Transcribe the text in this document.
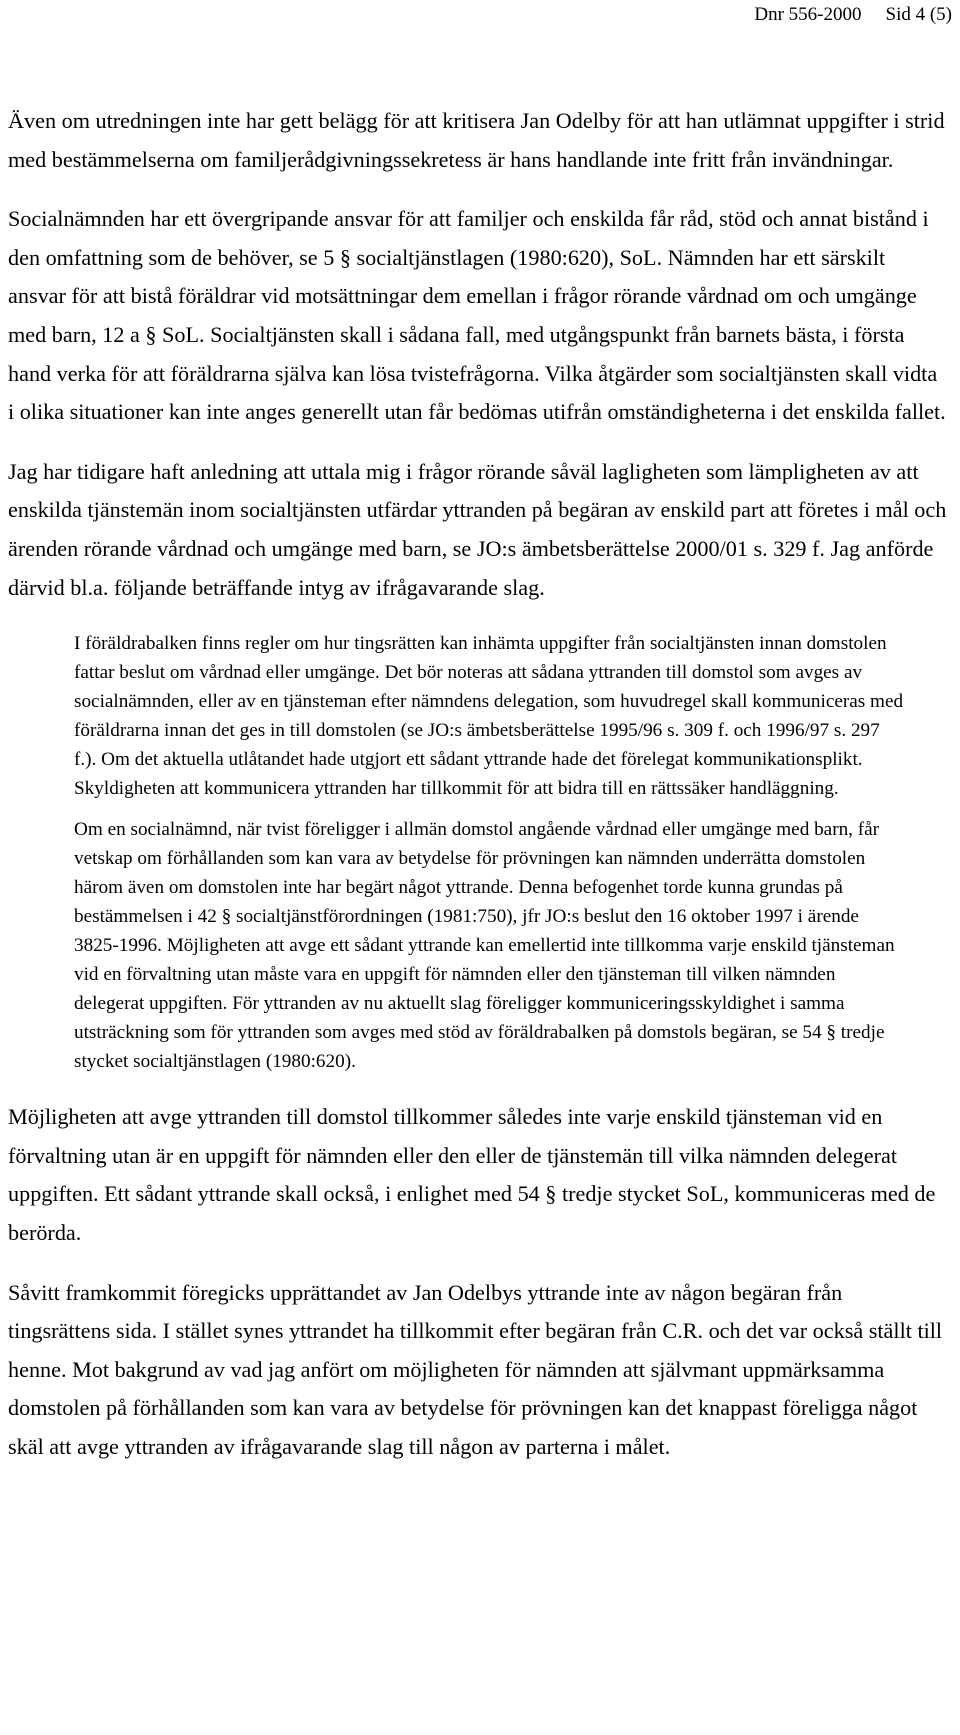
Dnr 556-2000 Sid 4 (5)

Även om utredningen inte har gett belägg för att kritisera Jan Odelby för att han utlämnat uppgifter i strid med bestämmelserna om familjerådgivningssekretess är hans handlande inte fritt från invändningar.

Socialnämnden har ett övergripande ansvar för att familjer och enskilda får råd, stöd och annat bistånd i den omfattning som de behöver, se 5 § socialtjänstlagen (1980:620), SoL. Nämnden har ett särskilt ansvar för att bistå föräldrar vid motsättningar dem emellan i frågor rörande vårdnad om och umgänge med barn, 12 a § SoL. Socialtjänsten skall i sådana fall, med utgångspunkt från barnets bästa, i första hand verka för att föräldrarna själva kan lösa tvistefrågorna. Vilka åtgärder som socialtjänsten skall vidta i olika situationer kan inte anges generellt utan får bedömas utifrån omständigheterna i det enskilda fallet.

Jag har tidigare haft anledning att uttala mig i frågor rörande såväl lagligheten som lämpligheten av att enskilda tjänstemän inom socialtjänsten utfärdar yttranden på begäran av enskild part att företes i mål och ärenden rörande vårdnad och umgänge med barn, se JO:s ämbetsberättelse 2000/01 s. 329 f. Jag anförde därvid bl.a. följande beträffande intyg av ifrågavarande slag.

I föräldrabalken finns regler om hur tingsrätten kan inhämta uppgifter från socialtjänsten innan domstolen fattar beslut om vårdnad eller umgänge. Det bör noteras att sådana yttranden till domstol som avges av socialnämnden, eller av en tjänsteman efter nämndens delegation, som huvudregel skall kommuniceras med föräldrarna innan det ges in till domstolen (se JO:s ämbetsberättelse 1995/96 s. 309 f. och 1996/97 s. 297 f.). Om det aktuella utlåtandet hade utgjort ett sådant yttrande hade det förelegat kommunikationsplikt. Skyldigheten att kommunicera yttranden har tillkommit för att bidra till en rättssäker handläggning.

Om en socialnämnd, när tvist föreligger i allmän domstol angående vårdnad eller umgänge med barn, får vetskap om förhållanden som kan vara av betydelse för prövningen kan nämnden underrätta domstolen härom även om domstolen inte har begärt något yttrande. Denna befogenhet torde kunna grundas på bestämmelsen i 42 § socialtjänstförordningen (1981:750), jfr JO:s beslut den 16 oktober 1997 i ärende 3825-1996. Möjligheten att avge ett sådant yttrande kan emellertid inte tillkomma varje enskild tjänsteman vid en förvaltning utan måste vara en uppgift för nämnden eller den tjänsteman till vilken nämnden delegerat uppgiften. För yttranden av nu aktuellt slag föreligger kommuniceringsskyldighet i samma utsträckning som för yttranden som avges med stöd av föräldrabalken på domstols begäran, se 54 § tredje stycket socialtjänstlagen (1980:620).

Möjligheten att avge yttranden till domstol tillkommer således inte varje enskild tjänsteman vid en förvaltning utan är en uppgift för nämnden eller den eller de tjänstemän till vilka nämnden delegerat uppgiften. Ett sådant yttrande skall också, i enlighet med 54 § tredje stycket SoL, kommuniceras med de berörda.

Såvitt framkommit föregicks upprättandet av Jan Odelbys yttrande inte av någon begäran från tingsrättens sida. I stället synes yttrandet ha tillkommit efter begäran från C.R. och det var också ställt till henne. Mot bakgrund av vad jag anfört om möjligheten för nämnden att självmant uppmärksamma domstolen på förhållanden som kan vara av betydelse för prövningen kan det knappast föreligga något skäl att avge yttranden av ifrågavarande slag till någon av parterna i målet.
